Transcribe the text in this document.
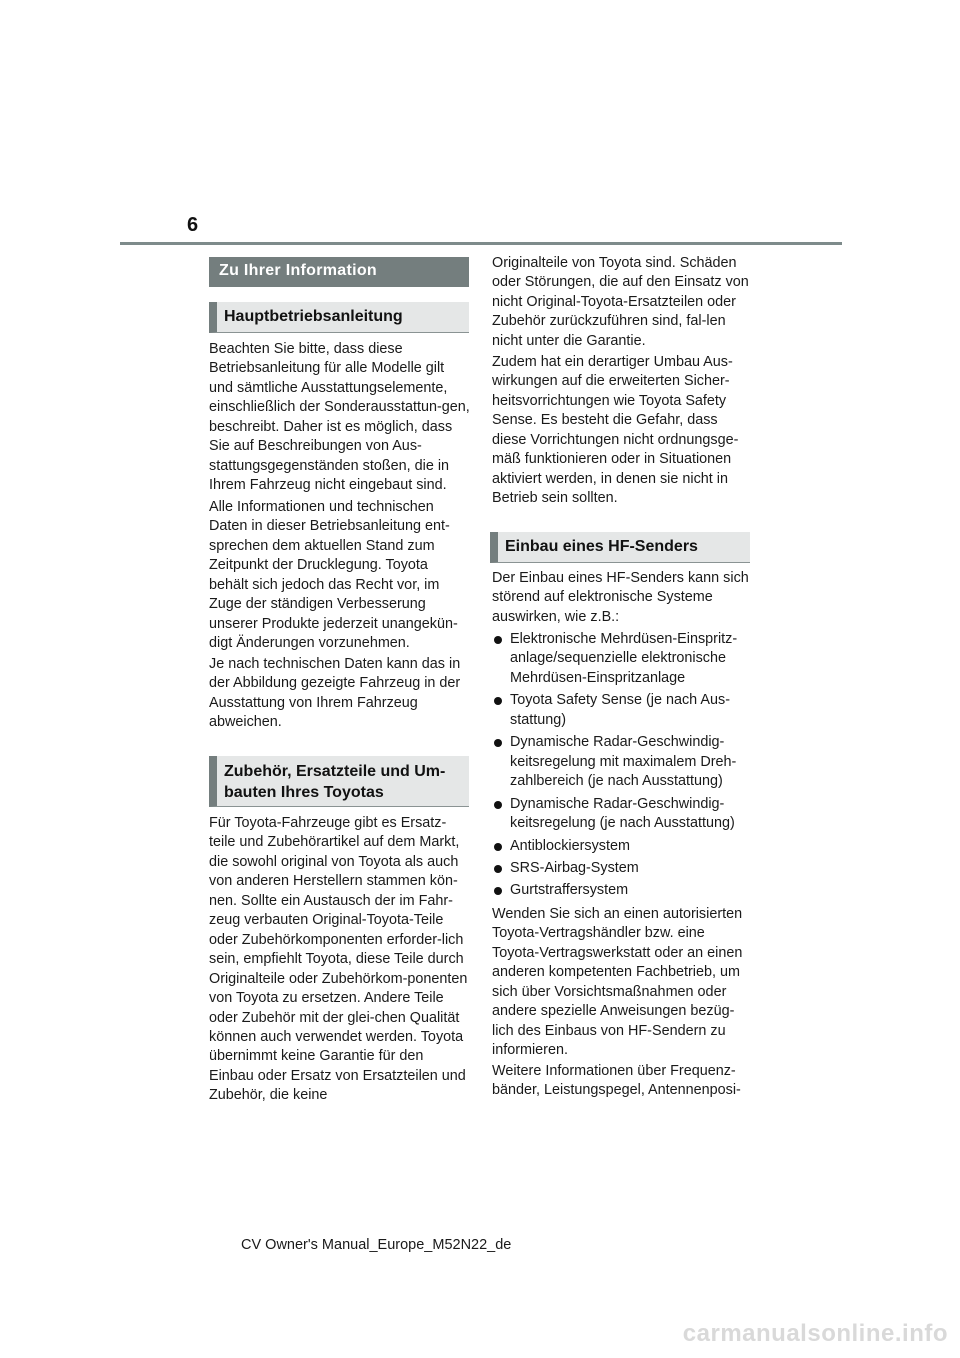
6
Zu Ihrer Information
Hauptbetriebsanleitung

Beachten Sie bitte, dass diese Betriebsanleitung für alle Modelle gilt und sämtliche Ausstattungselemente, einschließlich der Sonderausstattun-gen, beschreibt. Daher ist es möglich, dass Sie auf Beschreibungen von Aus-stattungsgegenständen stoßen, die in Ihrem Fahrzeug nicht eingebaut sind.

Alle Informationen und technischen Daten in dieser Betriebsanleitung ent-sprechen dem aktuellen Stand zum Zeitpunkt der Drucklegung. Toyota behält sich jedoch das Recht vor, im Zuge der ständigen Verbesserung unserer Produkte jederzeit unangekün-digt Änderungen vorzunehmen.

Je nach technischen Daten kann das in der Abbildung gezeigte Fahrzeug in der Ausstattung von Ihrem Fahrzeug abweichen.

Zubehör, Ersatzteile und Um-bauten Ihres Toyotas

Für Toyota-Fahrzeuge gibt es Ersatz-teile und Zubehörartikel auf dem Markt, die sowohl original von Toyota als auch von anderen Herstellern stammen kön-nen. Sollte ein Austausch der im Fahr-zeug verbauten Original-Toyota-Teile oder Zubehörkomponenten erforder-lich sein, empfiehlt Toyota, diese Teile durch Originalteile oder Zubehörkom-ponenten von Toyota zu ersetzen. Andere Teile oder Zubehör mit der glei-chen Qualität können auch verwendet werden. Toyota übernimmt keine Garantie für den Einbau oder Ersatz von Ersatzteilen und Zubehör, die keine

Originalteile von Toyota sind. Schäden oder Störungen, die auf den Einsatz von nicht Original-Toyota-Ersatzteilen oder Zubehör zurückzuführen sind, fal-len nicht unter die Garantie.

Zudem hat ein derartiger Umbau Aus-wirkungen auf die erweiterten Sicher-heitsvorrichtungen wie Toyota Safety Sense. Es besteht die Gefahr, dass diese Vorrichtungen nicht ordnungsge-mäß funktionieren oder in Situationen aktiviert werden, in denen sie nicht in Betrieb sein sollten.

Einbau eines HF-Senders

Der Einbau eines HF-Senders kann sich störend auf elektronische Systeme auswirken, wie z.B.:

Elektronische Mehrdüsen-Einspritz-anlage/sequenzielle elektronische Mehrdüsen-Einspritzanlage
Toyota Safety Sense (je nach Aus-stattung)
Dynamische Radar-Geschwindig-keitsregelung mit maximalem Dreh-zahlbereich (je nach Ausstattung)
Dynamische Radar-Geschwindig-keitsregelung (je nach Ausstattung)
Antiblockiersystem
SRS-Airbag-System
Gurtstraffersystem

Wenden Sie sich an einen autorisierten Toyota-Vertragshändler bzw. eine Toyota-Vertragswerkstatt oder an einen anderen kompetenten Fachbetrieb, um sich über Vorsichtsmaßnahmen oder andere spezielle Anweisungen bezüg-lich des Einbaus von HF-Sendern zu informieren.

Weitere Informationen über Frequenz-bänder, Leistungspegel, Antennenposi-

CV Owner's Manual_Europe_M52N22_de
carmanualsonline.info
